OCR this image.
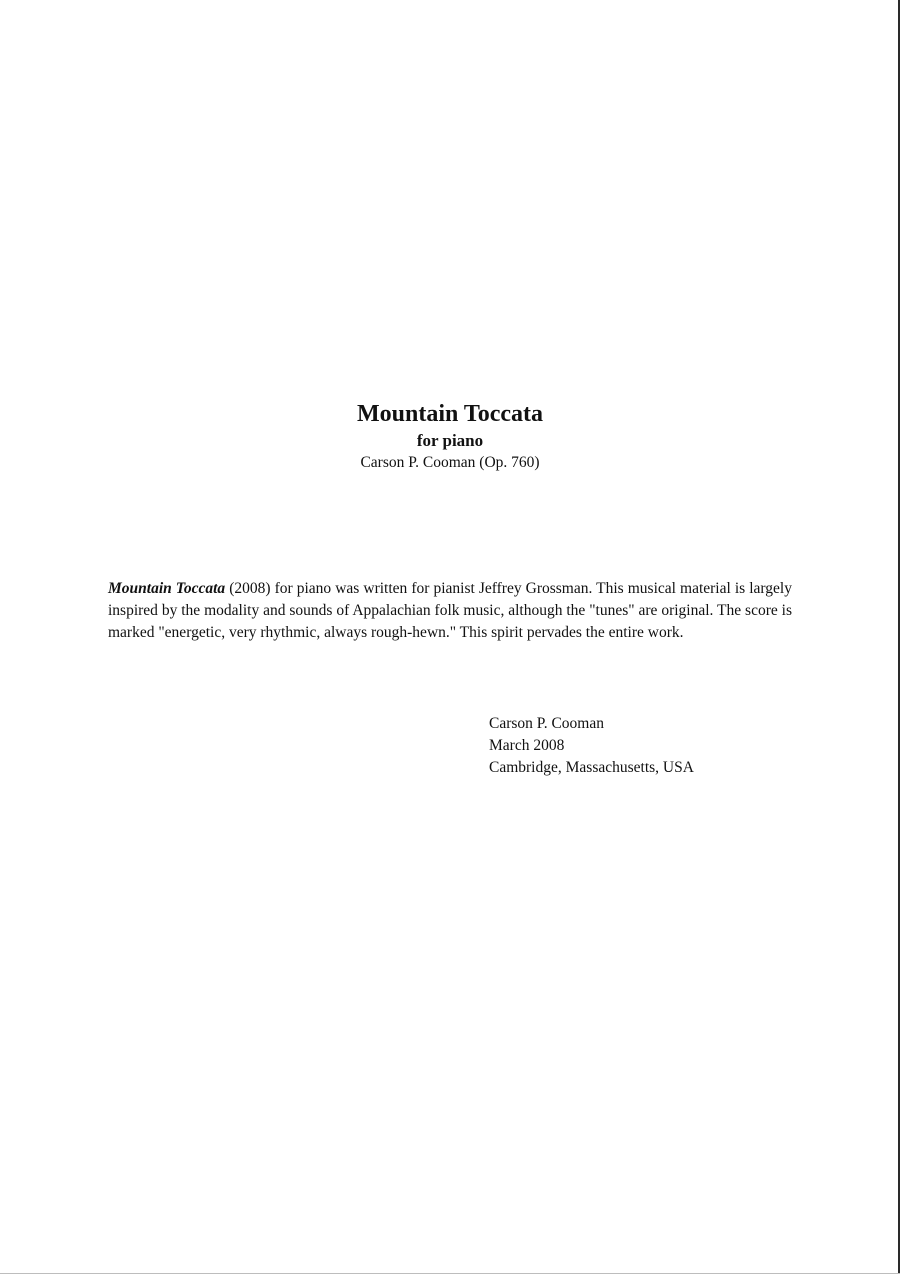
Mountain Toccata
for piano
Carson P. Cooman (Op. 760)

Mountain Toccata (2008) for piano was written for pianist Jeffrey Grossman. This musical material is largely inspired by the modality and sounds of Appalachian folk music, although the "tunes" are original. The score is marked "energetic, very rhythmic, always rough-hewn." This spirit pervades the entire work.

Carson P. Cooman
March 2008
Cambridge, Massachusetts, USA
